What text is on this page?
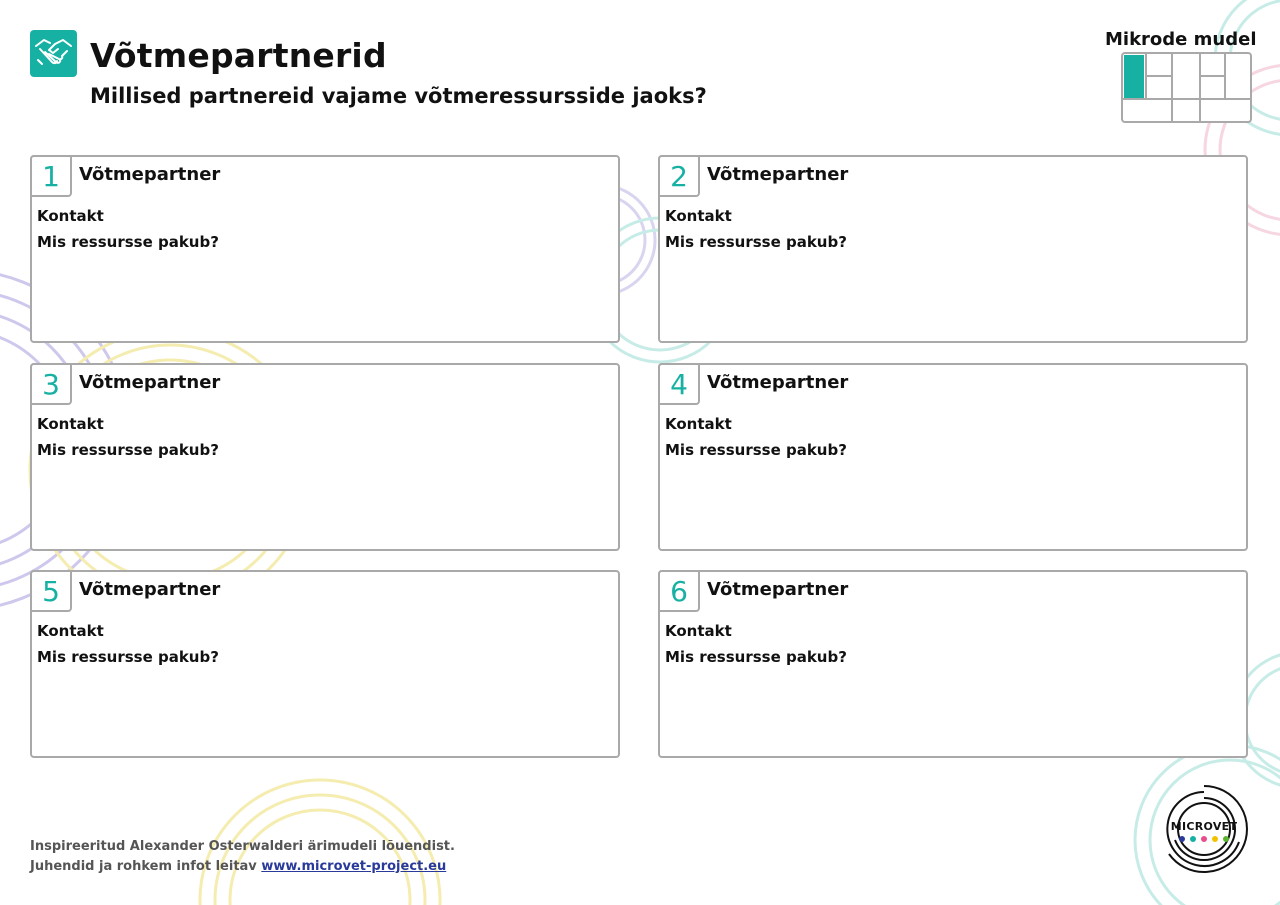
Võtmepartnerid
Millised partnereid vajame võtmeressursside jaoks?
Mikrode mudel
1	Võtmepartner
Kontakt
Mis ressursse pakub?
2	Võtmepartner
Kontakt
Mis ressursse pakub?
3	Võtmepartner
Kontakt
Mis ressursse pakub?
4	Võtmepartner
Kontakt
Mis ressursse pakub?
5	Võtmepartner
Kontakt
Mis ressursse pakub?
6	Võtmepartner
Kontakt
Mis ressursse pakub?
Inspireeritud Alexander Osterwalderi ärimudeli lõuendist.
Juhendid ja rohkem infot leitav www.microvet-project.eu
MICROVET
